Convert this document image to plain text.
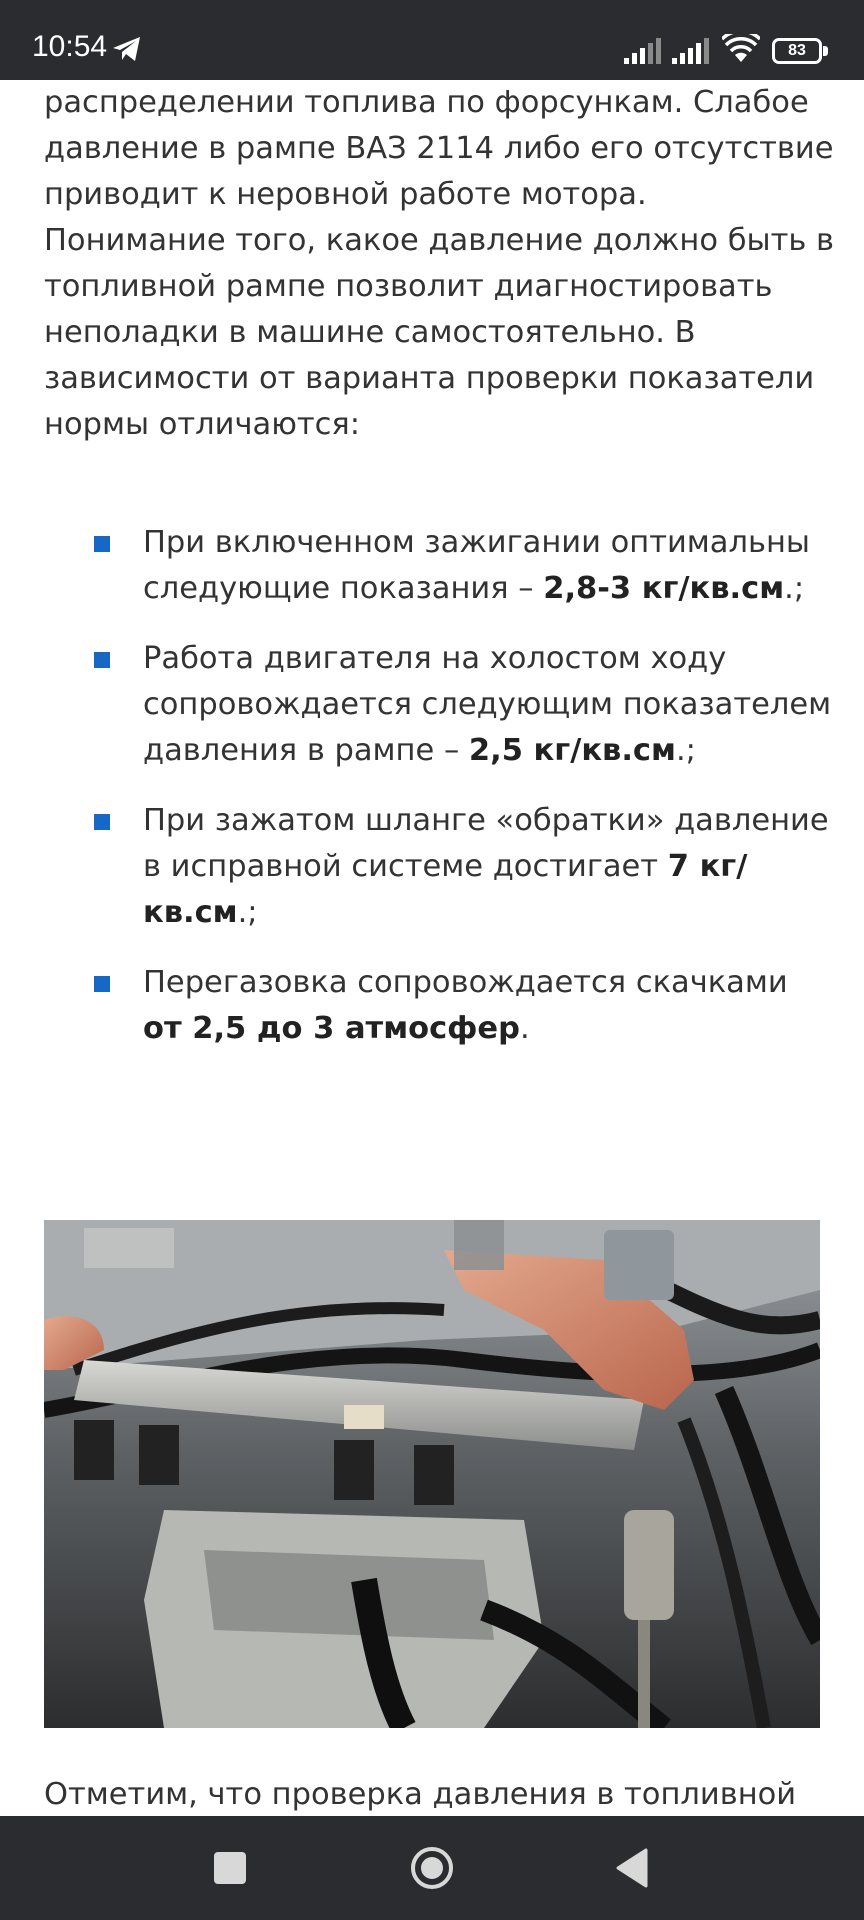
10:54	83

распределении топлива по форсункам. Слабое давление в рампе ВАЗ 2114 либо его отсутствие приводит к неровной работе мотора. Понимание того, какое давление должно быть в топливной рампе позволит диагностировать неполадки в машине самостоятельно. В зависимости от варианта проверки показатели нормы отличаются:

При включенном зажигании оптимальны следующие показания – 2,8-3 кг/кв.см.;
Работа двигателя на холостом ходу сопровождается следующим показателем давления в рампе – 2,5 кг/кв.см.;
При зажатом шланге «обратки» давление в исправной системе достигает 7 кг/кв.см.;
Перегазовка сопровождается скачками от 2,5 до 3 атмосфер.

Отметим, что проверка давления в топливной
